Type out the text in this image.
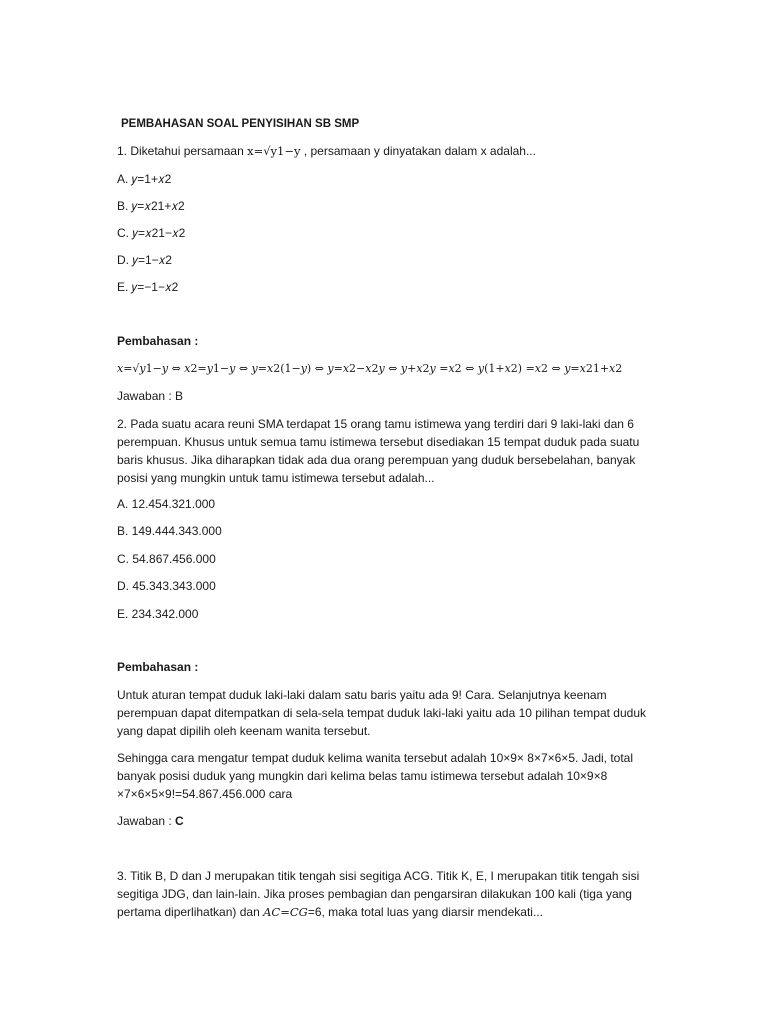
PEMBAHASAN SOAL PENYISIHAN SB SMP
1. Diketahui persamaan x=√y1−y , persamaan y dinyatakan dalam x adalah...
A. 𝑦=1+𝑥2
B. 𝑦=𝑥21+𝑥2
C. 𝑦=𝑥21−𝑥2
D. 𝑦=1−𝑥2
E. 𝑦=−1−𝑥2
Pembahasan :
𝑥=√𝑦1−𝑦 ⇔ 𝑥2=𝑦1−𝑦 ⇔ 𝑦=𝑥2(1−𝑦) ⇔ 𝑦=𝑥2−𝑥2𝑦 ⇔ 𝑦+𝑥2𝑦 =𝑥2 ⇔ 𝑦(1+𝑥2) =𝑥2 ⇔ 𝑦=𝑥21+𝑥2
Jawaban : B
2. Pada suatu acara reuni SMA terdapat 15 orang tamu istimewa yang terdiri dari 9 laki-laki dan 6
perempuan. Khusus untuk semua tamu istimewa tersebut disediakan 15 tempat duduk pada suatu
baris khusus. Jika diharapkan tidak ada dua orang perempuan yang duduk bersebelahan, banyak
posisi yang mungkin untuk tamu istimewa tersebut adalah...
A. 12.454.321.000
B. 149.444.343.000
C. 54.867.456.000
D. 45.343.343.000
E. 234.342.000
Pembahasan :
Untuk aturan tempat duduk laki-laki dalam satu baris yaitu ada 9! Cara. Selanjutnya keenam
perempuan dapat ditempatkan di sela-sela tempat duduk laki-laki yaitu ada 10 pilihan tempat duduk
yang dapat dipilih oleh keenam wanita tersebut.
Sehingga cara mengatur tempat duduk kelima wanita tersebut adalah 10×9× 8×7×6×5. Jadi, total
banyak posisi duduk yang mungkin dari kelima belas tamu istimewa tersebut adalah 10×9×8
×7×6×5×9!=54.867.456.000 cara
Jawaban : C
3. Titik B, D dan J merupakan titik tengah sisi segitiga ACG. Titik K, E, I merupakan titik tengah sisi
segitiga JDG, dan lain-lain. Jika proses pembagian dan pengarsiran dilakukan 100 kali (tiga yang
pertama diperlihatkan) dan AC=CG=6, maka total luas yang diarsir mendekati...
